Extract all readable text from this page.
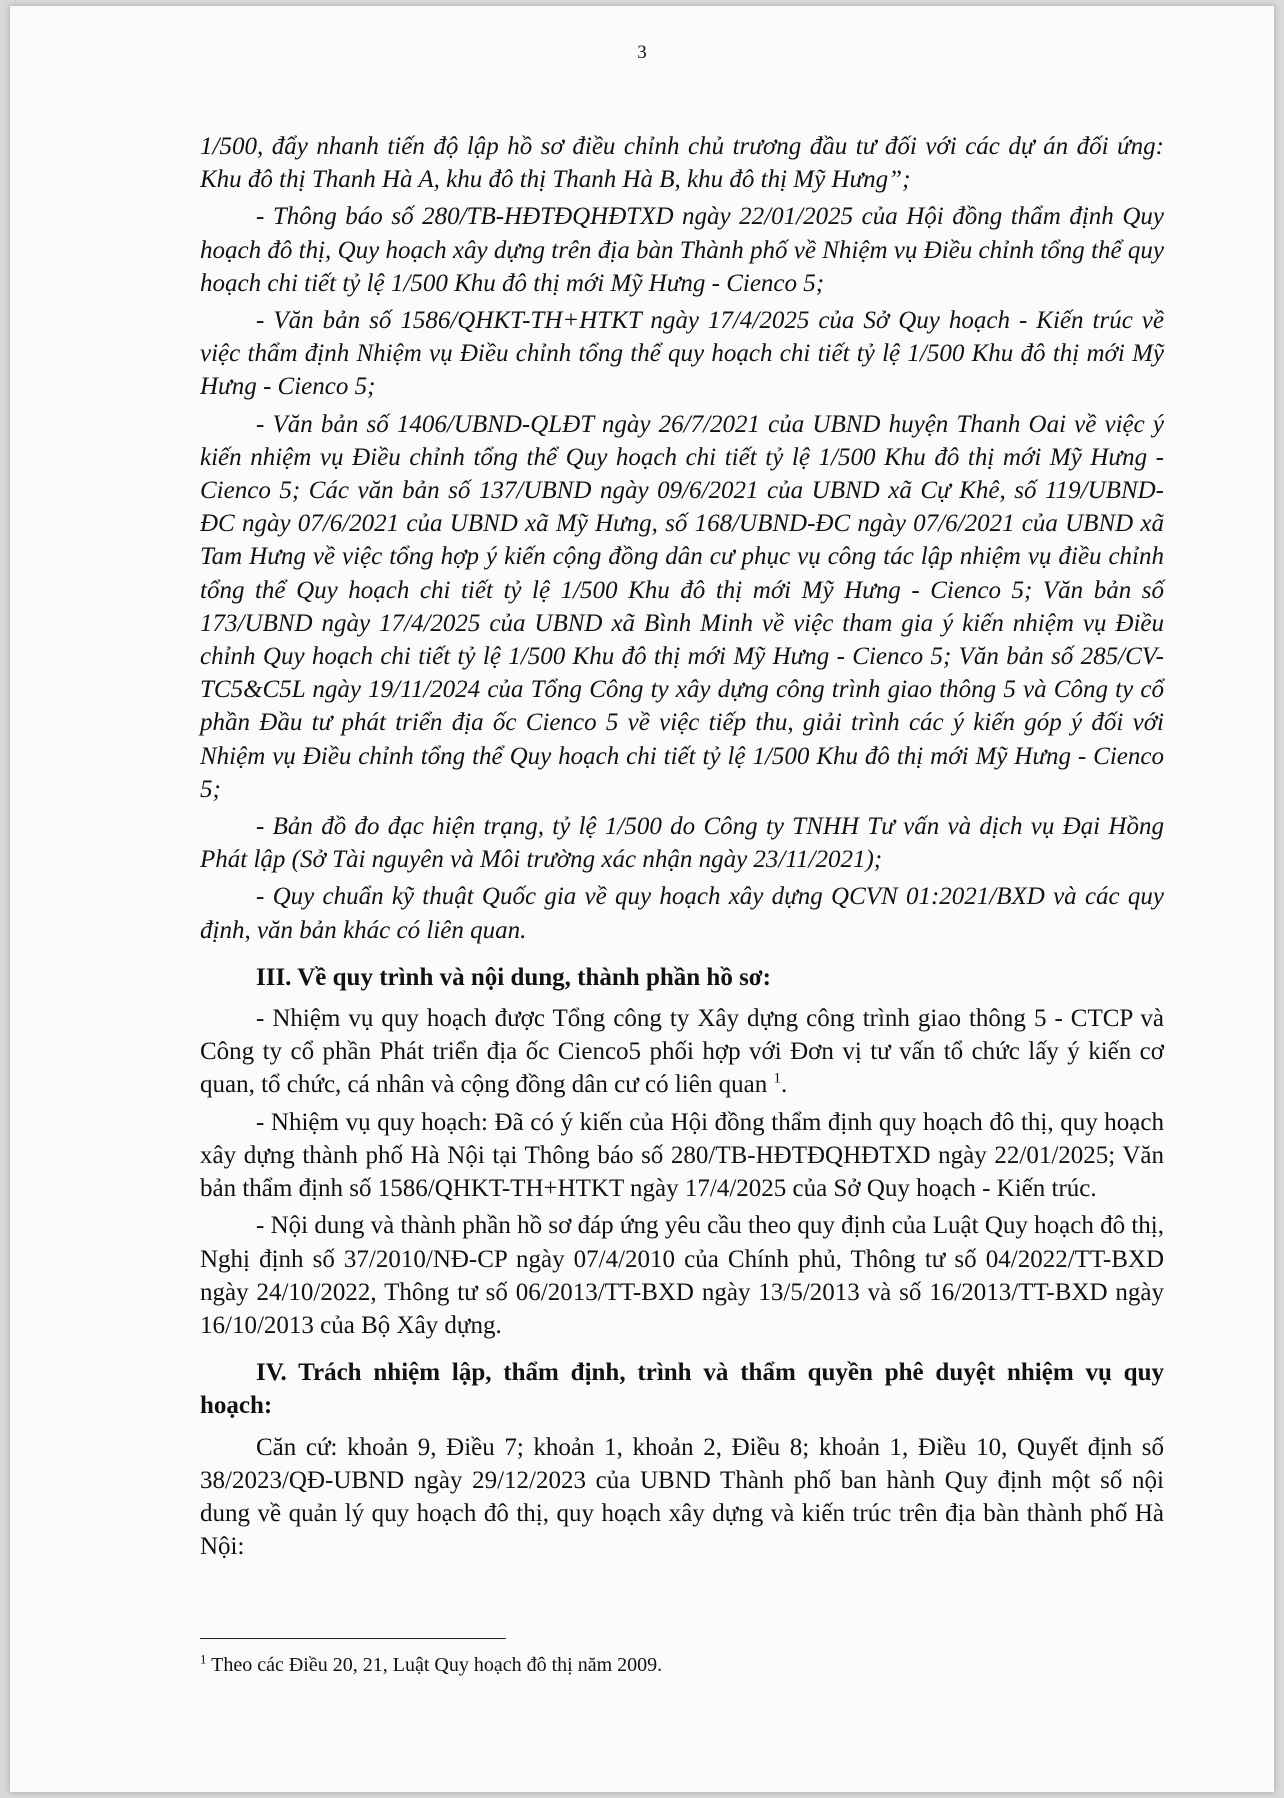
3

1/500, đẩy nhanh tiến độ lập hồ sơ điều chỉnh chủ trương đầu tư đối với các dự án đối ứng: Khu đô thị Thanh Hà A, khu đô thị Thanh Hà B, khu đô thị Mỹ Hưng”;

- Thông báo số 280/TB-HĐTĐQHĐTXD ngày 22/01/2025 của Hội đồng thẩm định Quy hoạch đô thị, Quy hoạch xây dựng trên địa bàn Thành phố về Nhiệm vụ Điều chỉnh tổng thể quy hoạch chi tiết tỷ lệ 1/500 Khu đô thị mới Mỹ Hưng - Cienco 5;

- Văn bản số 1586/QHKT-TH+HTKT ngày 17/4/2025 của Sở Quy hoạch - Kiến trúc về việc thẩm định Nhiệm vụ Điều chỉnh tổng thể quy hoạch chi tiết tỷ lệ 1/500 Khu đô thị mới Mỹ Hưng - Cienco 5;

- Văn bản số 1406/UBND-QLĐT ngày 26/7/2021 của UBND huyện Thanh Oai về việc ý kiến nhiệm vụ Điều chỉnh tổng thể Quy hoạch chi tiết tỷ lệ 1/500 Khu đô thị mới Mỹ Hưng - Cienco 5; Các văn bản số 137/UBND ngày 09/6/2021 của UBND xã Cự Khê, số 119/UBND-ĐC ngày 07/6/2021 của UBND xã Mỹ Hưng, số 168/UBND-ĐC ngày 07/6/2021 của UBND xã Tam Hưng về việc tổng hợp ý kiến cộng đồng dân cư phục vụ công tác lập nhiệm vụ điều chỉnh tổng thể Quy hoạch chi tiết tỷ lệ 1/500 Khu đô thị mới Mỹ Hưng - Cienco 5; Văn bản số 173/UBND ngày 17/4/2025 của UBND xã Bình Minh về việc tham gia ý kiến nhiệm vụ Điều chỉnh Quy hoạch chi tiết tỷ lệ 1/500 Khu đô thị mới Mỹ Hưng - Cienco 5; Văn bản số 285/CV-TC5&C5L ngày 19/11/2024 của Tổng Công ty xây dựng công trình giao thông 5 và Công ty cổ phần Đầu tư phát triển địa ốc Cienco 5 về việc tiếp thu, giải trình các ý kiến góp ý đối với Nhiệm vụ Điều chỉnh tổng thể Quy hoạch chi tiết tỷ lệ 1/500 Khu đô thị mới Mỹ Hưng - Cienco 5;

- Bản đồ đo đạc hiện trạng, tỷ lệ 1/500 do Công ty TNHH Tư vấn và dịch vụ Đại Hồng Phát lập (Sở Tài nguyên và Môi trường xác nhận ngày 23/11/2021);

- Quy chuẩn kỹ thuật Quốc gia về quy hoạch xây dựng QCVN 01:2021/BXD và các quy định, văn bản khác có liên quan.

III. Về quy trình và nội dung, thành phần hồ sơ:

- Nhiệm vụ quy hoạch được Tổng công ty Xây dựng công trình giao thông 5 - CTCP và Công ty cổ phần Phát triển địa ốc Cienco5 phối hợp với Đơn vị tư vấn tổ chức lấy ý kiến cơ quan, tổ chức, cá nhân và cộng đồng dân cư có liên quan $^1$.

- Nhiệm vụ quy hoạch: Đã có ý kiến của Hội đồng thẩm định quy hoạch đô thị, quy hoạch xây dựng thành phố Hà Nội tại Thông báo số 280/TB-HĐTĐQHĐTXD ngày 22/01/2025; Văn bản thẩm định số 1586/QHKT-TH+HTKT ngày 17/4/2025 của Sở Quy hoạch - Kiến trúc.

- Nội dung và thành phần hồ sơ đáp ứng yêu cầu theo quy định của Luật Quy hoạch đô thị, Nghị định số 37/2010/NĐ-CP ngày 07/4/2010 của Chính phủ, Thông tư số 04/2022/TT-BXD ngày 24/10/2022, Thông tư số 06/2013/TT-BXD ngày 13/5/2013 và số 16/2013/TT-BXD ngày 16/10/2013 của Bộ Xây dựng.

IV. Trách nhiệm lập, thẩm định, trình và thẩm quyền phê duyệt nhiệm vụ quy hoạch:

Căn cứ: khoản 9, Điều 7; khoản 1, khoản 2, Điều 8; khoản 1, Điều 10, Quyết định số 38/2023/QĐ-UBND ngày 29/12/2023 của UBND Thành phố ban hành Quy định một số nội dung về quản lý quy hoạch đô thị, quy hoạch xây dựng và kiến trúc trên địa bàn thành phố Hà Nội:

$^1$ Theo các Điều 20, 21, Luật Quy hoạch đô thị năm 2009.
